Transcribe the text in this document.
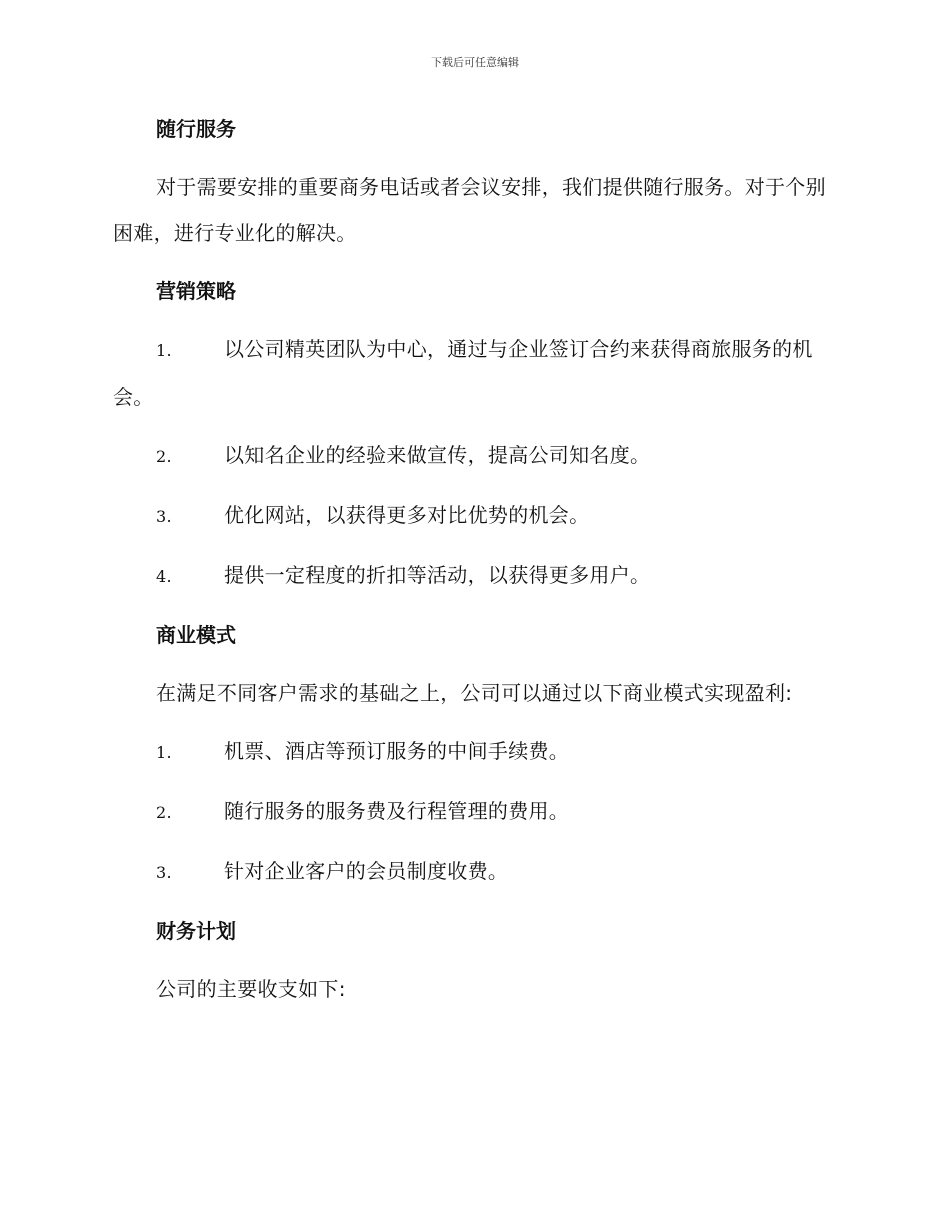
下载后可任意编辑

随行服务

对于需要安排的重要商务电话或者会议安排，我们提供随行服务。对于个别困难，进行专业化的解决。

营销策略

1.	以公司精英团队为中心，通过与企业签订合约来获得商旅服务的机会。

2.	以知名企业的经验来做宣传，提高公司知名度。

3.	优化网站，以获得更多对比优势的机会。

4.	提供一定程度的折扣等活动，以获得更多用户。

商业模式

在满足不同客户需求的基础之上，公司可以通过以下商业模式实现盈利:

1.	机票、酒店等预订服务的中间手续费。

2.	随行服务的服务费及行程管理的费用。

3.	针对企业客户的会员制度收费。

财务计划

公司的主要收支如下:
